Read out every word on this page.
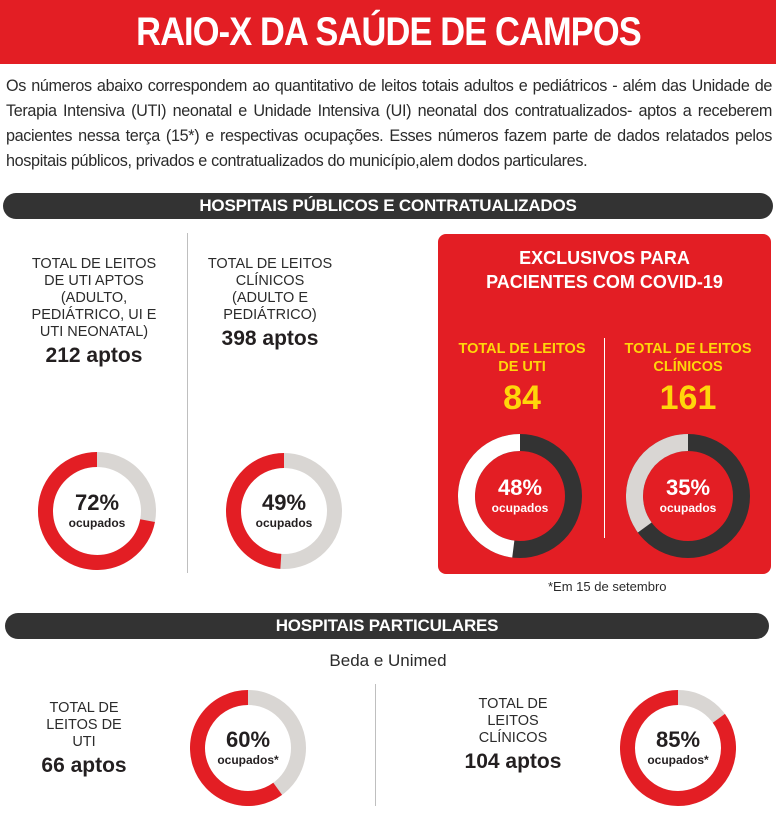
RAIO-X DA SAÚDE DE CAMPOS

Os números abaixo correspondem ao quantitativo de leitos totais adultos e pediátricos - além das Unidade de Terapia Intensiva (UTI) neonatal e Unidade Intensiva (UI) neonatal dos contratualizados- aptos a receberem pacientes nessa terça (15*) e respectivas ocupações. Esses números fazem parte de dados relatados pelos hospitais públicos, privados e contratualizados do município,alem dodos particulares.

HOSPITAIS PÚBLICOS E CONTRATUALIZADOS
TOTAL DE LEITOS DE UTI APTOS (ADULTO, PEDIÁTRICO, UI E UTI NEONATAL)
212 aptos
72%
ocupados
TOTAL DE LEITOS CLÍNICOS (ADULTO E PEDIÁTRICO)
398 aptos
49%
ocupados
EXCLUSIVOS PARA PACIENTES COM COVID-19
TOTAL DE LEITOS DE UTI
84
48%
ocupados
TOTAL DE LEITOS CLÍNICOS
161
35%
ocupados
*Em 15 de setembro
HOSPITAIS PARTICULARES
Beda e Unimed
TOTAL DE LEITOS DE UTI
66 aptos
60%
ocupados*
TOTAL DE LEITOS CLÍNICOS
104 aptos
85%
ocupados*
